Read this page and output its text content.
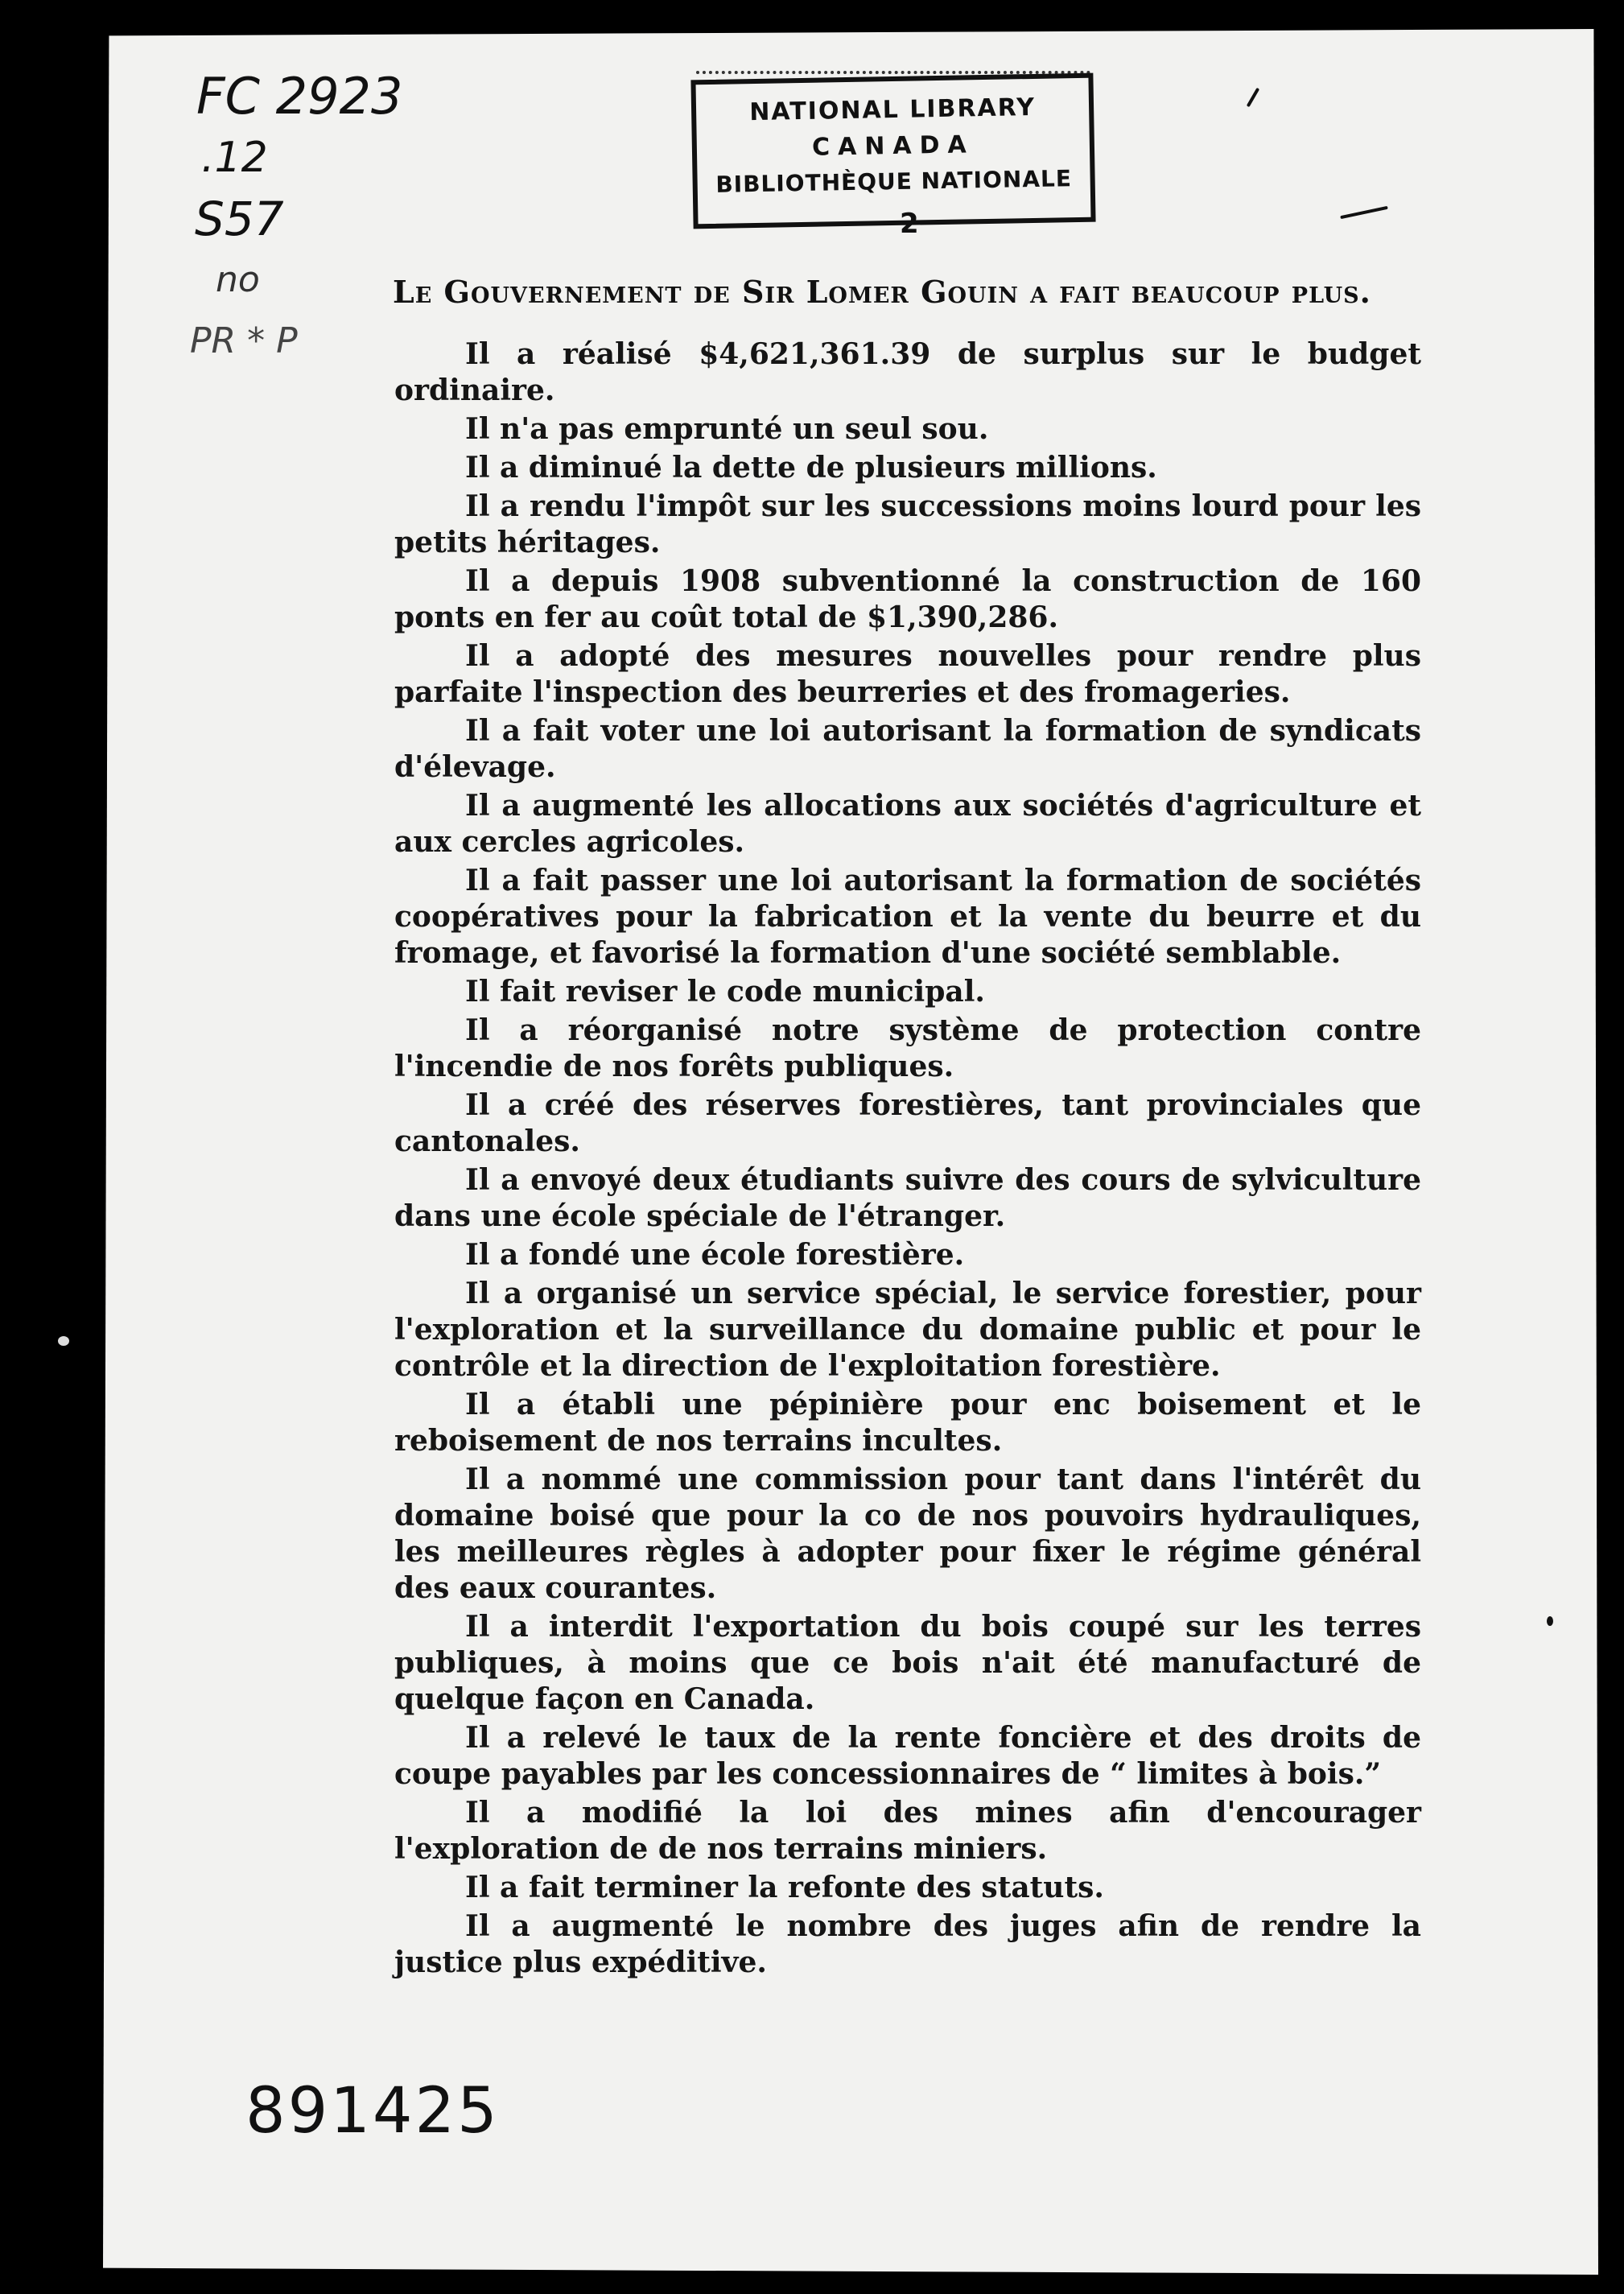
FC 2923
.12
S57
no
PR * P
NATIONAL LIBRARY
CANADA
BIBLIOTHÈQUE NATIONALE
2
Le Gouvernement de Sir Lomer Gouin a fait beaucoup plus.

Il a réalisé $4,621,361.39 de surplus sur le budget ordinaire.

Il n'a pas emprunté un seul sou.

Il a diminué la dette de plusieurs millions.

Il a rendu l'impôt sur les successions moins lourd pour les petits héritages.

Il a depuis 1908 subventionné la construction de 160 ponts en fer au coût total de $1,390,286.

Il a adopté des mesures nouvelles pour rendre plus parfaite l'inspection des beurreries et des fromageries.

Il a fait voter une loi autorisant la formation de syndicats d'élevage.

Il a augmenté les allocations aux sociétés d'agriculture et aux cercles agricoles.

Il a fait passer une loi autorisant la formation de sociétés coopératives pour la fabrication et la vente du beurre et du fromage, et favorisé la formation d'une société semblable.

Il fait reviser le code municipal.

Il a réorganisé notre système de protection contre l'incendie de nos forêts publiques.

Il a créé des réserves forestières, tant provinciales que cantonales.

Il a envoyé deux étudiants suivre des cours de sylviculture dans une école spéciale de l'étranger.

Il a fondé une école forestière.

Il a organisé un service spécial, le service forestier, pour l'exploration et la surveillance du domaine public et pour le contrôle et la direction de l'exploitation forestière.

Il a établi une pépinière pour enc boisement et le reboisement de nos terrains incultes.

Il a nommé une commission pour tant dans l'intérêt du domaine boisé que pour la co de nos pouvoirs hydrauliques, les meilleures règles à adopter pour fixer le régime général des eaux courantes.

Il a interdit l'exportation du bois coupé sur les terres publiques, à moins que ce bois n'ait été manufacturé de quelque façon en Canada.

Il a relevé le taux de la rente foncière et des droits de coupe payables par les concessionnaires de “ limites à bois.”

Il a modifié la loi des mines afin d'encourager l'exploration de de nos terrains miniers.

Il a fait terminer la refonte des statuts.

Il a augmenté le nombre des juges afin de rendre la justice plus expéditive.

891425
